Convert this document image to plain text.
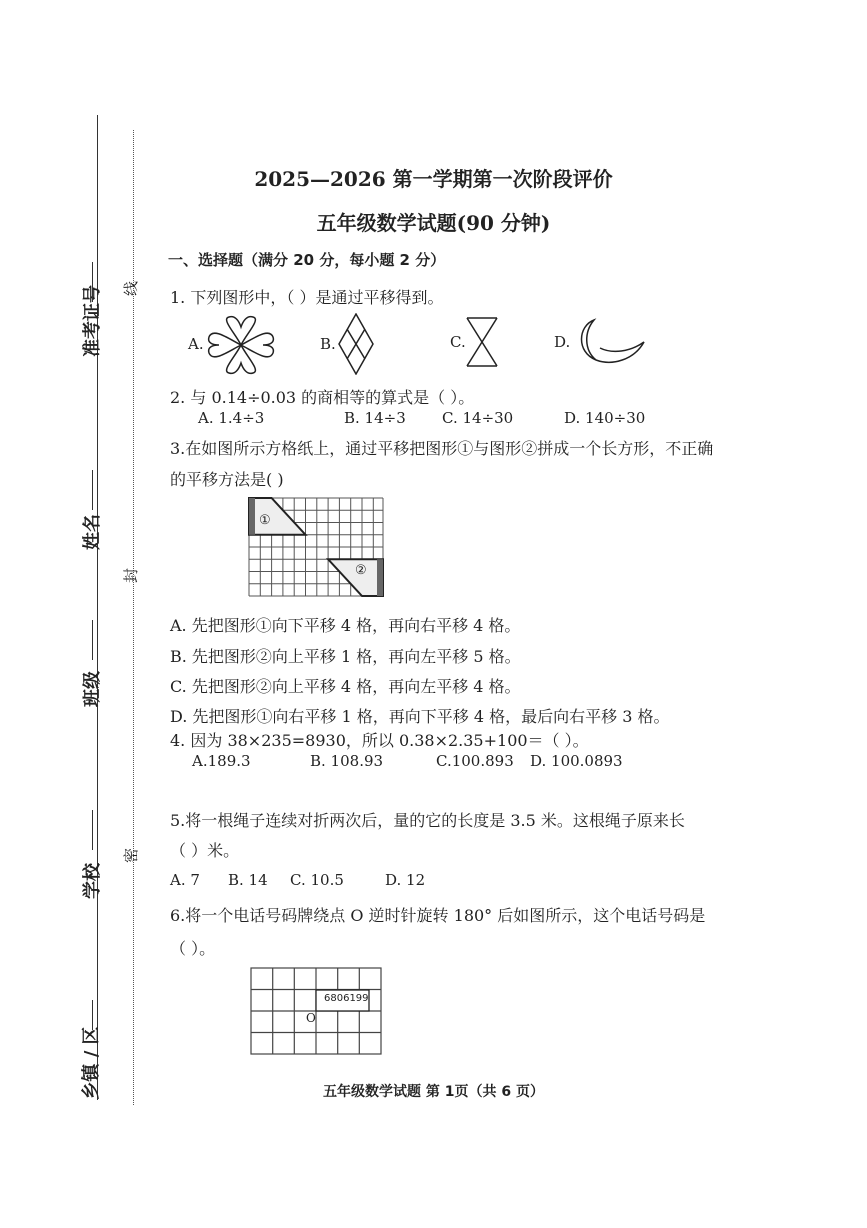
准考证号
姓名
班级
学校
乡镇 / 区
线
封
密
2025—2026 第一学期第一次阶段评价
五年级数学试题(90 分钟)
一、选择题（满分 20 分，每小题 2 分）
1. 下列图形中，（ ）是通过平移得到。
A.	B.	C.	D.
2. 与 0.14÷0.03 的商相等的算式是（ ）。
A. 1.4÷3	B. 14÷3 C. 14÷30	D. 140÷30
3.在如图所示方格纸上，通过平移把图形①与图形②拼成一个长方形，不正确
的平移方法是( )
①
②
A. 先把图形①向下平移 4 格，再向右平移 4 格。
B. 先把图形②向上平移 1 格，再向左平移 5 格。
C. 先把图形②向上平移 4 格，再向左平移 4 格。
D. 先把图形①向右平移 1 格，再向下平移 4 格，最后向右平移 3 格。
4. 因为 38×235=8930，所以 0.38×2.35+100＝（ ）。
A.189.3	B. 108.93	C.100.893 D. 100.0893
5.将一根绳子连续对折两次后，量的它的长度是 3.5 米。这根绳子原来长
（ ）米。
A. 7 B. 14 C. 10.5	D. 12
6.将一个电话号码牌绕点 O 逆时针旋转 180° 后如图所示，这个电话号码是
（ ）。
6806199
O
五年级数学试题 第 1页（共 6 页）
